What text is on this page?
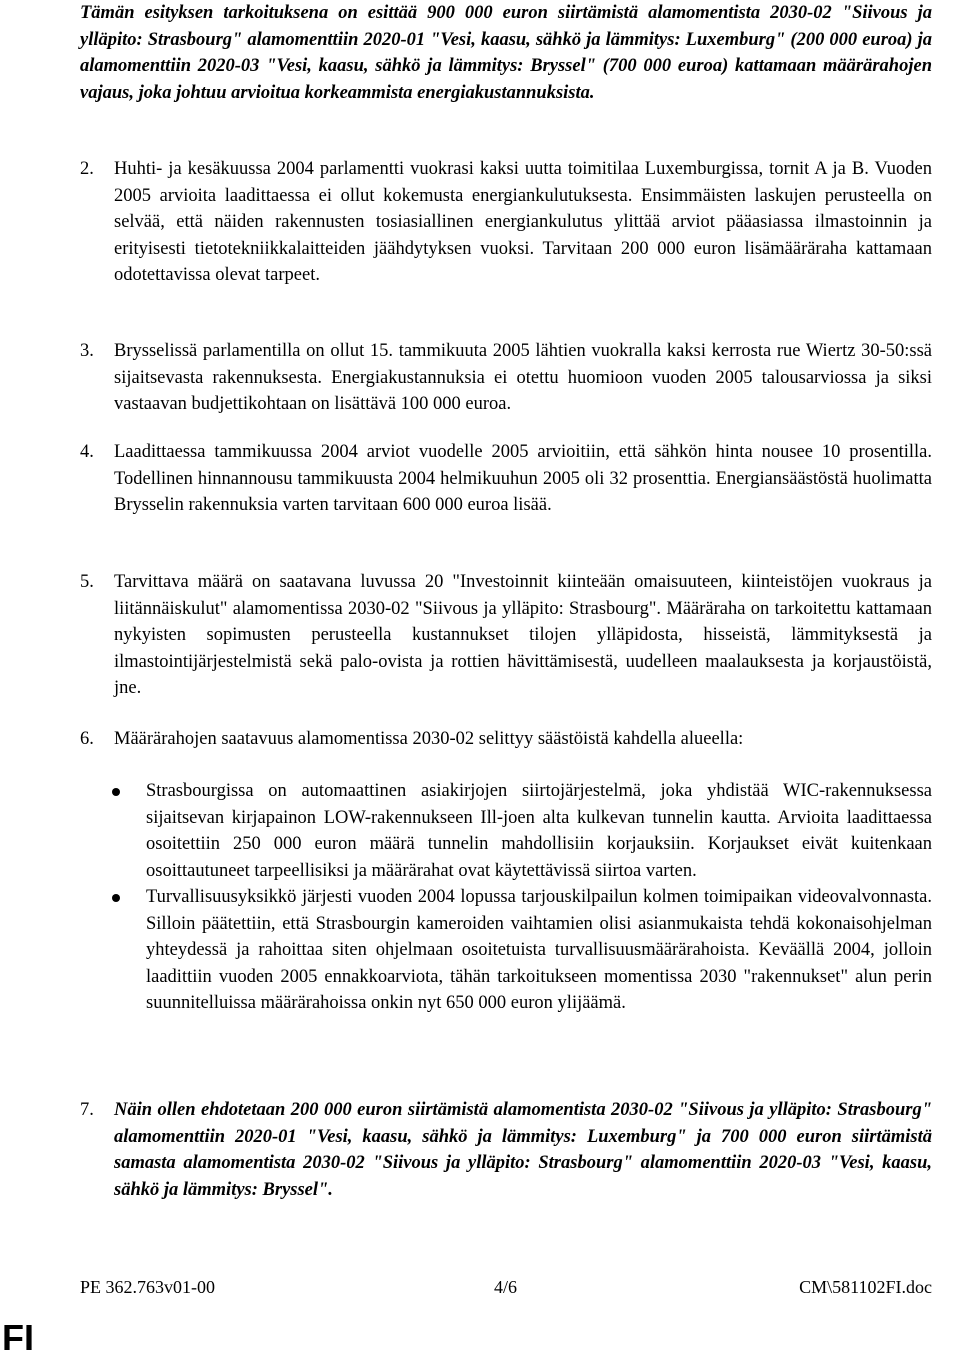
Tämän esityksen tarkoituksena on esittää 900 000 euron siirtämistä alamomentista 2030-02 "Siivous ja ylläpito: Strasbourg" alamomenttiin 2020-01 "Vesi, kaasu, sähkö ja lämmitys: Luxemburg" (200 000 euroa) ja alamomenttiin 2020-03 "Vesi, kaasu, sähkö ja lämmitys: Bryssel" (700 000 euroa) kattamaan määrärahojen vajaus, joka johtuu arvioitua korkeammista energiakustannuksista.

2.	Huhti- ja kesäkuussa 2004 parlamentti vuokrasi kaksi uutta toimitilaa Luxemburgissa, tornit A ja B. Vuoden 2005 arvioita laadittaessa ei ollut kokemusta energiankulutuksesta. Ensimmäisten laskujen perusteella on selvää, että näiden rakennusten tosiasiallinen energiankulutus ylittää arviot pääasiassa ilmastoinnin ja erityisesti tietotekniikkalaitteiden jäähdytyksen vuoksi. Tarvitaan 200 000 euron lisämääräraha kattamaan odotettavissa olevat tarpeet.
3.	Brysselissä parlamentilla on ollut 15. tammikuuta 2005 lähtien vuokralla kaksi kerrosta rue Wiertz 30-50:ssä sijaitsevasta rakennuksesta. Energiakustannuksia ei otettu huomioon vuoden 2005 talousarviossa ja siksi vastaavan budjettikohtaan on lisättävä 100 000 euroa.
4.	Laadittaessa tammikuussa 2004 arviot vuodelle 2005 arvioitiin, että sähkön hinta nousee 10 prosentilla. Todellinen hinnannousu tammikuusta 2004 helmikuuhun 2005 oli 32 prosenttia. Energiansäästöstä huolimatta Brysselin rakennuksia varten tarvitaan 600 000 euroa lisää.
5.	Tarvittava määrä on saatavana luvussa 20 "Investoinnit kiinteään omaisuuteen, kiinteistöjen vuokraus ja liitännäiskulut" alamomentissa 2030-02 "Siivous ja ylläpito: Strasbourg". Määräraha on tarkoitettu kattamaan nykyisten sopimusten perusteella kustannukset tilojen ylläpidosta, hisseistä, lämmityksestä ja ilmastointijärjestelmistä sekä palo-ovista ja rottien hävittämisestä, uudelleen maalauksesta ja korjaustöistä, jne.
6.	Määrärahojen saatavuus alamomentissa 2030-02 selittyy säästöistä kahdella alueella:
Strasbourgissa on automaattinen asiakirjojen siirtojärjestelmä, joka yhdistää WIC-rakennuksessa sijaitsevan kirjapainon LOW-rakennukseen Ill-joen alta kulkevan tunnelin kautta. Arvioita laadittaessa osoitettiin 250 000 euron määrä tunnelin mahdollisiin korjauksiin. Korjaukset eivät kuitenkaan osoittautuneet tarpeellisiksi ja määrärahat ovat käytettävissä siirtoa varten.
Turvallisuusyksikkö järjesti vuoden 2004 lopussa tarjouskilpailun kolmen toimipaikan videovalvonnasta. Silloin päätettiin, että Strasbourgin kameroiden vaihtamien olisi asianmukaista tehdä kokonaisohjelman yhteydessä ja rahoittaa siten ohjelmaan osoitetuista turvallisuusmäärärahoista. Keväällä 2004, jolloin laadittiin vuoden 2005 ennakkoarviota, tähän tarkoitukseen momentissa 2030 "rakennukset" alun perin suunnitelluissa määrärahoissa onkin nyt 650 000 euron ylijäämä.
7.	Näin ollen ehdotetaan 200 000 euron siirtämistä alamomentista 2030-02 "Siivous ja ylläpito: Strasbourg" alamomenttiin 2020-01 "Vesi, kaasu, sähkö ja lämmitys: Luxemburg" ja 700 000 euron siirtämistä samasta alamomentista 2030-02 "Siivous ja ylläpito: Strasbourg" alamomenttiin 2020-03 "Vesi, kaasu, sähkö ja lämmitys: Bryssel".
PE 362.763v01-00	4/6	CM\581102FI.doc
FI
